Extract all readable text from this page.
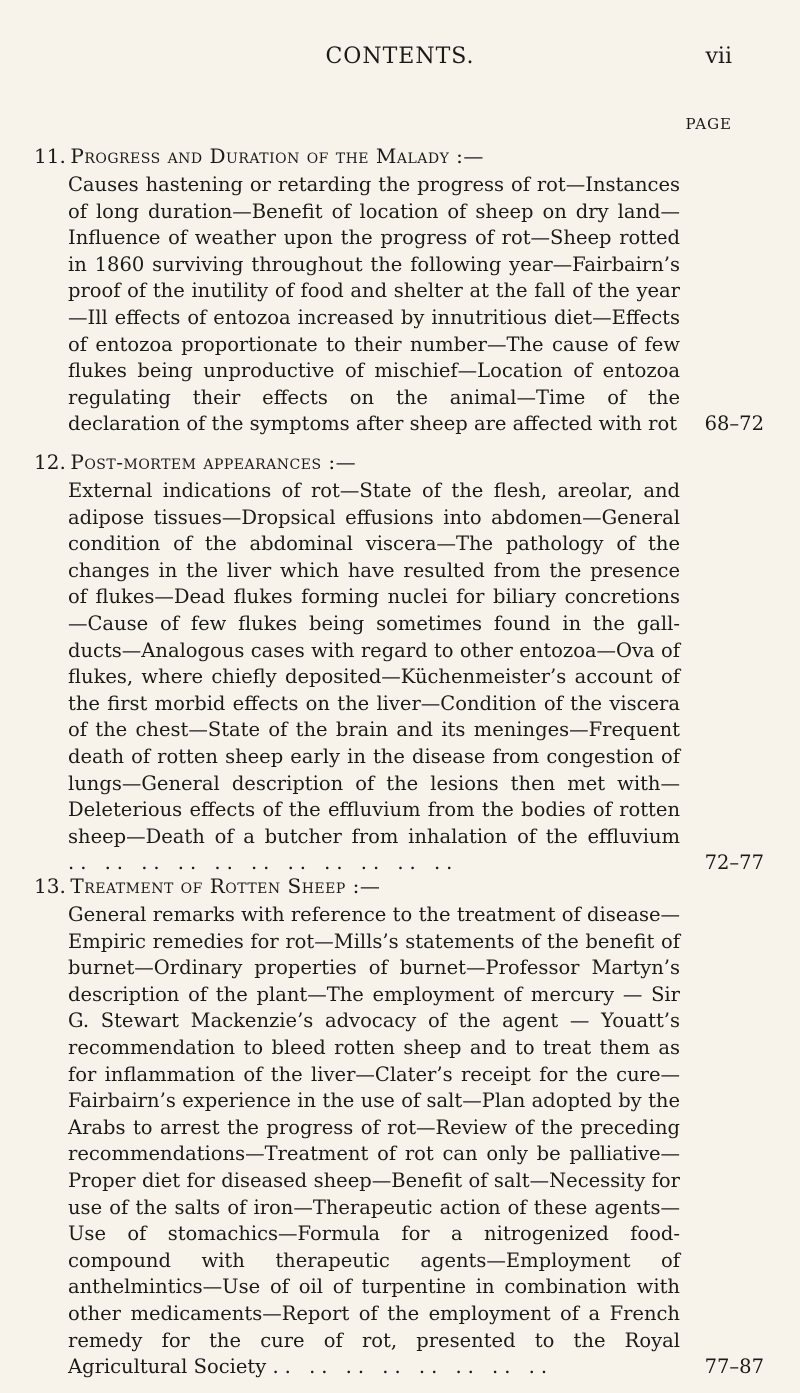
CONTENTS.	vii
PAGE
11. Progress and Duration of the Malady :—
Causes hastening or retarding the progress of rot—Instances of long duration—Benefit of location of sheep on dry land—Influence of weather upon the progress of rot—Sheep rotted in 1860 surviving throughout the following year—Fairbairn’s proof of the inutility of food and shelter at the fall of the year—Ill effects of entozoa increased by innutritious diet—Effects of entozoa proportionate to their number—The cause of few flukes being unproductive of mischief—Location of entozoa regulating their effects on the animal—Time of the declaration of the symptoms after sheep are affected with rot	68–72
12. Post-mortem appearances :—
External indications of rot—State of the flesh, areolar, and adipose tissues—Dropsical effusions into abdomen—General condition of the abdominal viscera—The pathology of the changes in the liver which have resulted from the presence of flukes—Dead flukes forming nuclei for biliary concretions —Cause of few flukes being sometimes found in the gall-ducts—Analogous cases with regard to other entozoa—Ova of flukes, where chiefly deposited—Küchenmeister’s account of the first morbid effects on the liver—Condition of the viscera of the chest—State of the brain and its meninges—Frequent death of rotten sheep early in the disease from congestion of lungs—General description of the lesions then met with—Deleterious effects of the effluvium from the bodies of rotten sheep—Death of a butcher from inhalation of the effluvium .. .. .. .. .. .. .. .. .. .. ..	72–77
13. Treatment of Rotten Sheep :—
General remarks with reference to the treatment of disease—Empiric remedies for rot—Mills’s statements of the benefit of burnet—Ordinary properties of burnet—Professor Martyn’s description of the plant—The employment of mercury — Sir G. Stewart Mackenzie’s advocacy of the agent — Youatt’s recommendation to bleed rotten sheep and to treat them as for inflammation of the liver—Clater’s receipt for the cure—Fairbairn’s experience in the use of salt—Plan adopted by the Arabs to arrest the progress of rot—Review of the preceding recommendations—Treatment of rot can only be palliative—Proper diet for diseased sheep—Benefit of salt—Necessity for use of the salts of iron—Therapeutic action of these agents—Use of stomachics—Formula for a nitrogenized food-compound with therapeutic agents—Employment of anthelmintics—Use of oil of turpentine in combination with other medicaments—Report of the employment of a French remedy for the cure of rot, presented to the Royal Agricultural Society .. .. .. .. .. .. .. ..	77–87
